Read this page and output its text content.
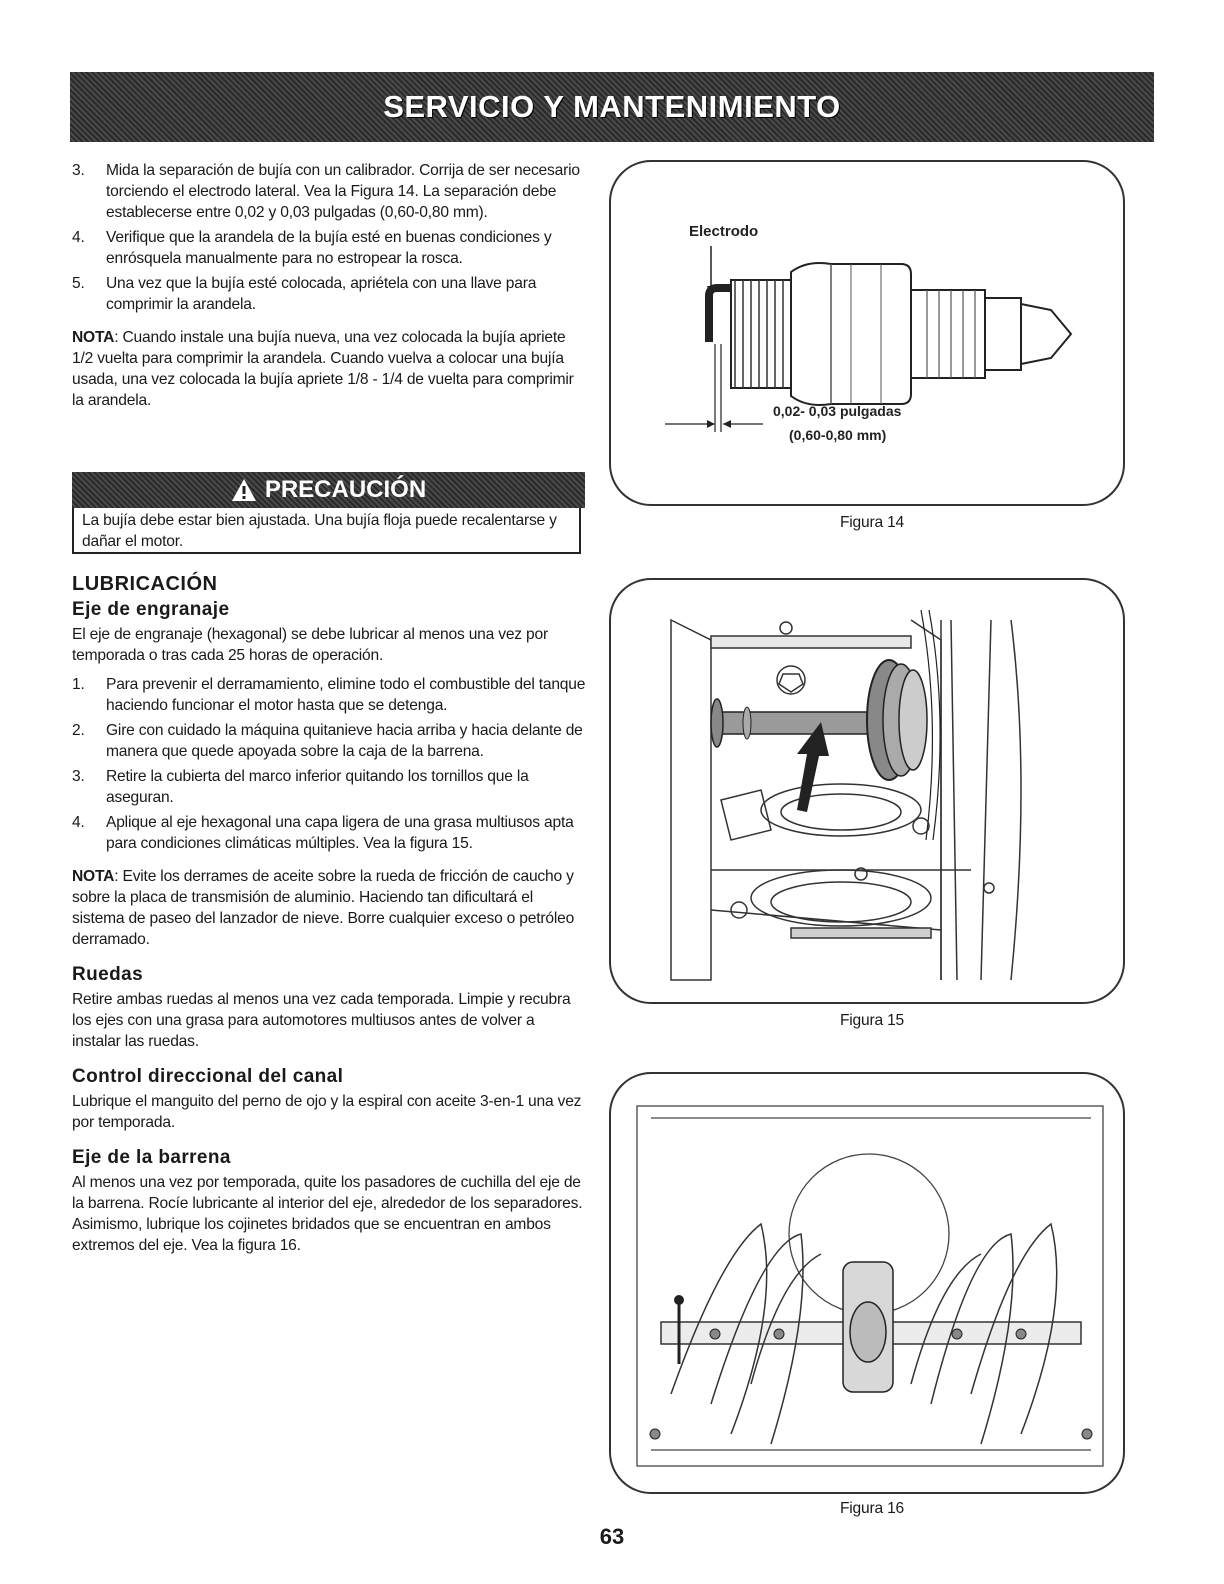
SERVICIO Y MANTENIMIENTO
3. Mida la separación de bujía con un calibrador. Corrija de ser necesario torciendo el electrodo lateral. Vea la Figura 14. La separación debe establecerse entre 0,02 y 0,03 pulgadas (0,60-0,80 mm).
4. Verifique que la arandela de la bujía esté en buenas condiciones y enrósquela manualmente para no estropear la rosca.
5. Una vez que la bujía esté colocada, apriétela con una llave para comprimir la arandela.

NOTA: Cuando instale una bujía nueva, una vez colocada la bujía apriete 1/2 vuelta para comprimir la arandela. Cuando vuelva a colocar una bujía usada, una vez colocada la bujía apriete 1/8 - 1/4 de vuelta para comprimir la arandela.

PRECAUCIÓN
La bujía debe estar bien ajustada. Una bujía floja puede recalentarse y dañar el motor.
LUBRICACIÓN
Eje de engranaje

El eje de engranaje (hexagonal) se debe lubricar al menos una vez por temporada o tras cada 25 horas de operación.

1. Para prevenir el derramamiento, elimine todo el combustible del tanque haciendo funcionar el motor hasta que se detenga.
2. Gire con cuidado la máquina quitanieve hacia arriba y hacia delante de manera que quede apoyada sobre la caja de la barrena.
3. Retire la cubierta del marco inferior quitando los tornillos que la aseguran.
4. Aplique al eje hexagonal una capa ligera de una grasa multiusos apta para condiciones climáticas múltiples. Vea la figura 15.

NOTA: Evite los derrames de aceite sobre la rueda de fricción de caucho y sobre la placa de transmisión de aluminio. Haciendo tan dificultará el sistema de paseo del lanzador de nieve. Borre cualquier exceso o petróleo derramado.

Ruedas

Retire ambas ruedas al menos una vez cada temporada. Limpie y recubra los ejes con una grasa para automotores multiusos antes de volver a instalar las ruedas.

Control direccional del canal

Lubrique el manguito del perno de ojo y la espiral con aceite 3-en-1 una vez por temporada.

Eje de la barrena

Al menos una vez por temporada, quite los pasadores de cuchilla del eje de la barrena. Rocíe lubricante al interior del eje, alrededor de los separadores. Asimismo, lubrique los cojinetes bridados que se encuentran en ambos extremos del eje. Vea la figura 16.

Electrodo
0,02- 0,03 pulgadas
(0,60-0,80 mm)
Figura 14
Figura 15
Figura 16
63
